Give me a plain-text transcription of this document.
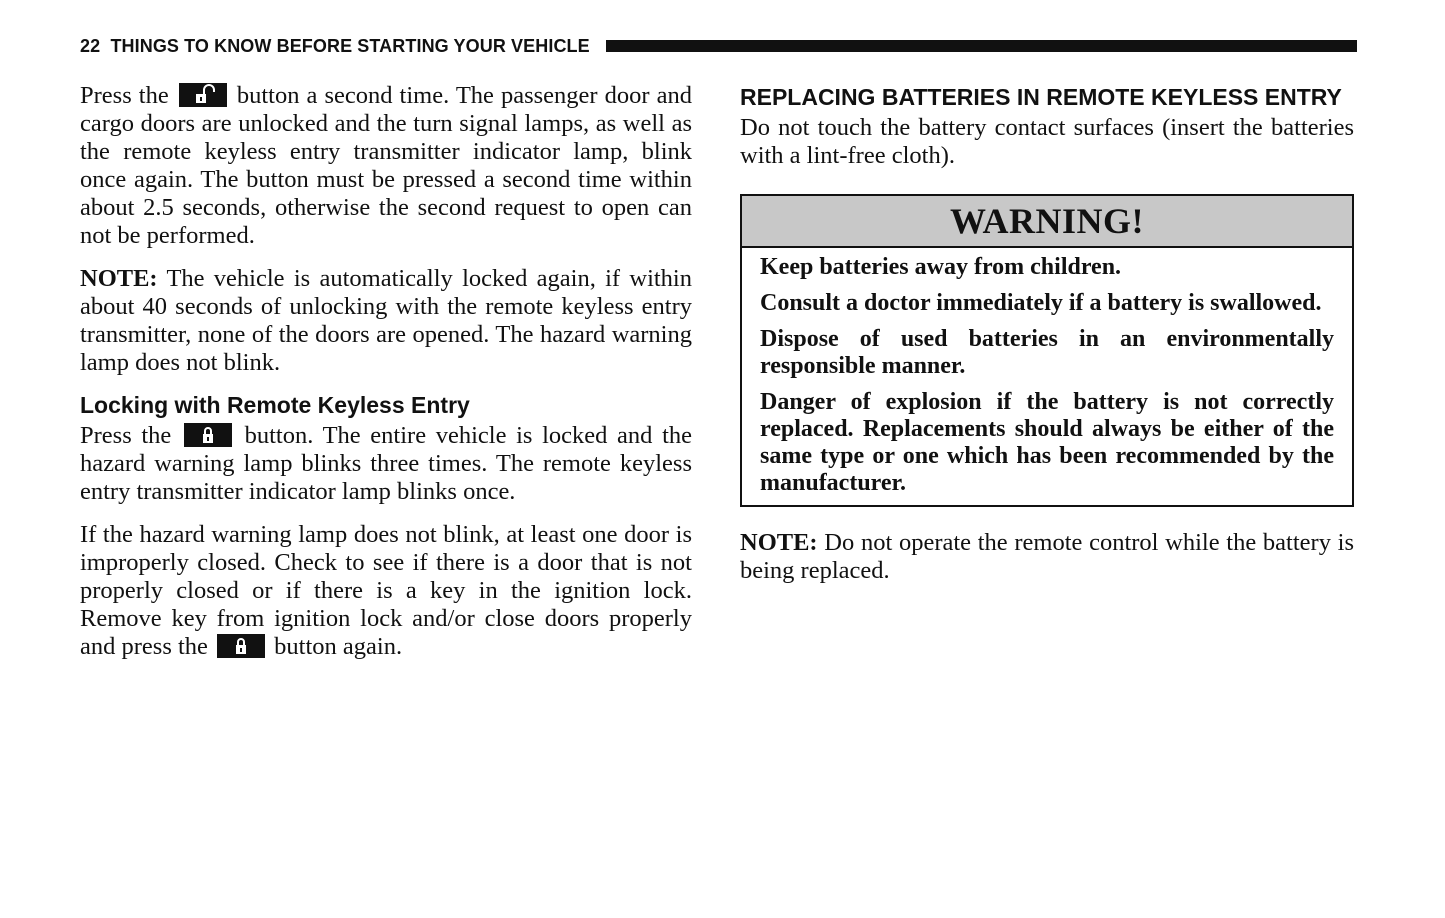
22 THINGS TO KNOW BEFORE STARTING YOUR VEHICLE

Press the	button a second time. The passenger door and cargo doors are unlocked and the turn signal lamps, as well as the remote keyless entry transmitter indicator lamp, blink once again. The button must be pressed a second time within about 2.5 seconds, otherwise the second request to open can not be performed.

NOTE: The vehicle is automatically locked again, if within about 40 seconds of unlocking with the remote keyless entry transmitter, none of the doors are opened. The hazard warning lamp does not blink.

Locking with Remote Keyless Entry

Press the	button. The entire vehicle is locked and the hazard warning lamp blinks three times. The remote keyless entry transmitter indicator lamp blinks once.

If the hazard warning lamp does not blink, at least one door is improperly closed. Check to see if there is a door that is not properly closed or if there is a key in the ignition lock. Remove key from ignition lock and/or close doors properly and press the	button again.

REPLACING BATTERIES IN REMOTE KEYLESS ENTRY

Do not touch the battery contact surfaces (insert the batteries with a lint-free cloth).

WARNING!

Keep batteries away from children.

Consult a doctor immediately if a battery is swallowed.

Dispose of used batteries in an environmentally responsible manner.

Danger of explosion if the battery is not correctly replaced. Replacements should always be either of the same type or one which has been recommended by the manufacturer.

NOTE: Do not operate the remote control while the battery is being replaced.
